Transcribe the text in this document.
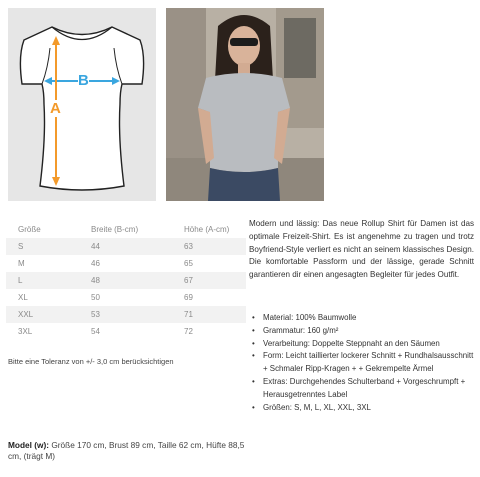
B
A
Größe	Breite (B-cm)	Höhe (A-cm)
S	44	63
M	46	65
L	48	67
XL	50	69
XXL	53	71
3XL	54	72
Bitte eine Toleranz von +/- 3,0 cm berücksichtigen
Model (w): Größe 170 cm, Brust 89 cm, Taille 62 cm, Hüfte 88,5 cm, (trägt M)
Modern und lässig: Das neue Rollup Shirt für Damen ist das optimale Freizeit-Shirt. Es ist angenehme zu tragen und trotz Boyfriend-Style verliert es nicht an seinem klassisches Design. Die komfortable Passform und der lässige, gerade Schnitt garantieren dir einen angesagten Begleiter für jedes Outfit.
• Material: 100% Baumwolle
• Grammatur: 160 g/m²
• Verarbeitung: Doppelte Steppnaht an den Säumen
• Form: Leicht taillierter lockerer Schnitt + Rundhalsausschnitt + Schmaler Ripp-Kragen + + Gekrempelte Ärmel
• Extras: Durchgehendes Schulterband + Vorgeschrumpft + Herausgetrenntes Label
• Größen: S, M, L, XL, XXL, 3XL
